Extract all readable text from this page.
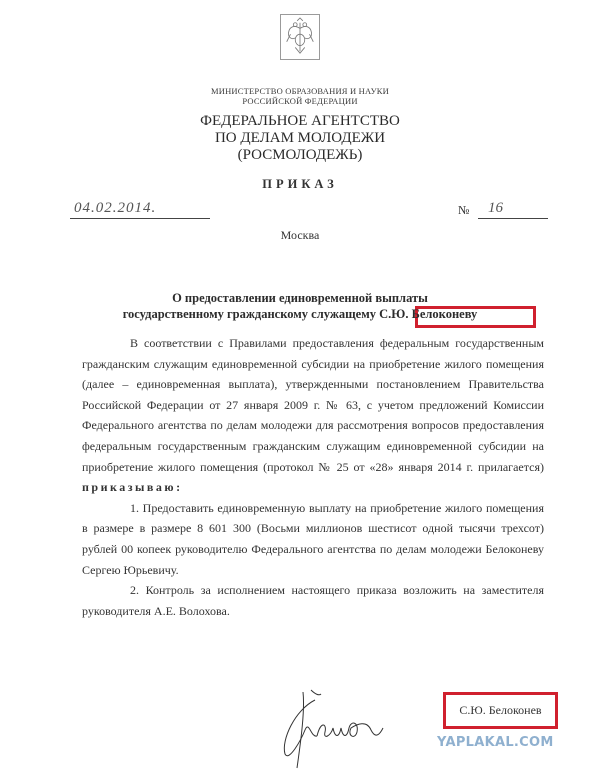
МИНИСТЕРСТВО ОБРАЗОВАНИЯ И НАУКИ
РОССИЙСКОЙ ФЕДЕРАЦИИ
ФЕДЕРАЛЬНОЕ АГЕНТСТВО
ПО ДЕЛАМ МОЛОДЕЖИ
(РОСМОЛОДЕЖЬ)
ПРИКАЗ
04.02.2014.	№ 16
Москва
О предоставлении единовременной выплаты
государственному гражданскому служащему С.Ю. Белоконеву

В соответствии с Правилами предоставления федеральным государственным гражданским служащим единовременной субсидии на приобретение жилого помещения (далее – единовременная выплата), утвержденными постановлением Правительства Российской Федерации от 27 января 2009 г. № 63, с учетом предложений Комиссии Федерального агентства по делам молодежи для рассмотрения вопросов предоставления федеральным государственным гражданским служащим единовременной субсидии на приобретение жилого помещения (протокол № 25 от «28» января 2014 г. прилагается) приказываю:

1. Предоставить единовременную выплату на приобретение жилого помещения в размере в размере 8 601 300 (Восьми миллионов шестисот одной тысячи трехсот) рублей 00 копеек руководителю Федерального агентства по делам молодежи Белоконеву Сергею Юрьевичу.

2. Контроль за исполнением настоящего приказа возложить на заместителя руководителя А.Е. Волохова.

С.Ю. Белоконев
YAPLAKAL.COM
